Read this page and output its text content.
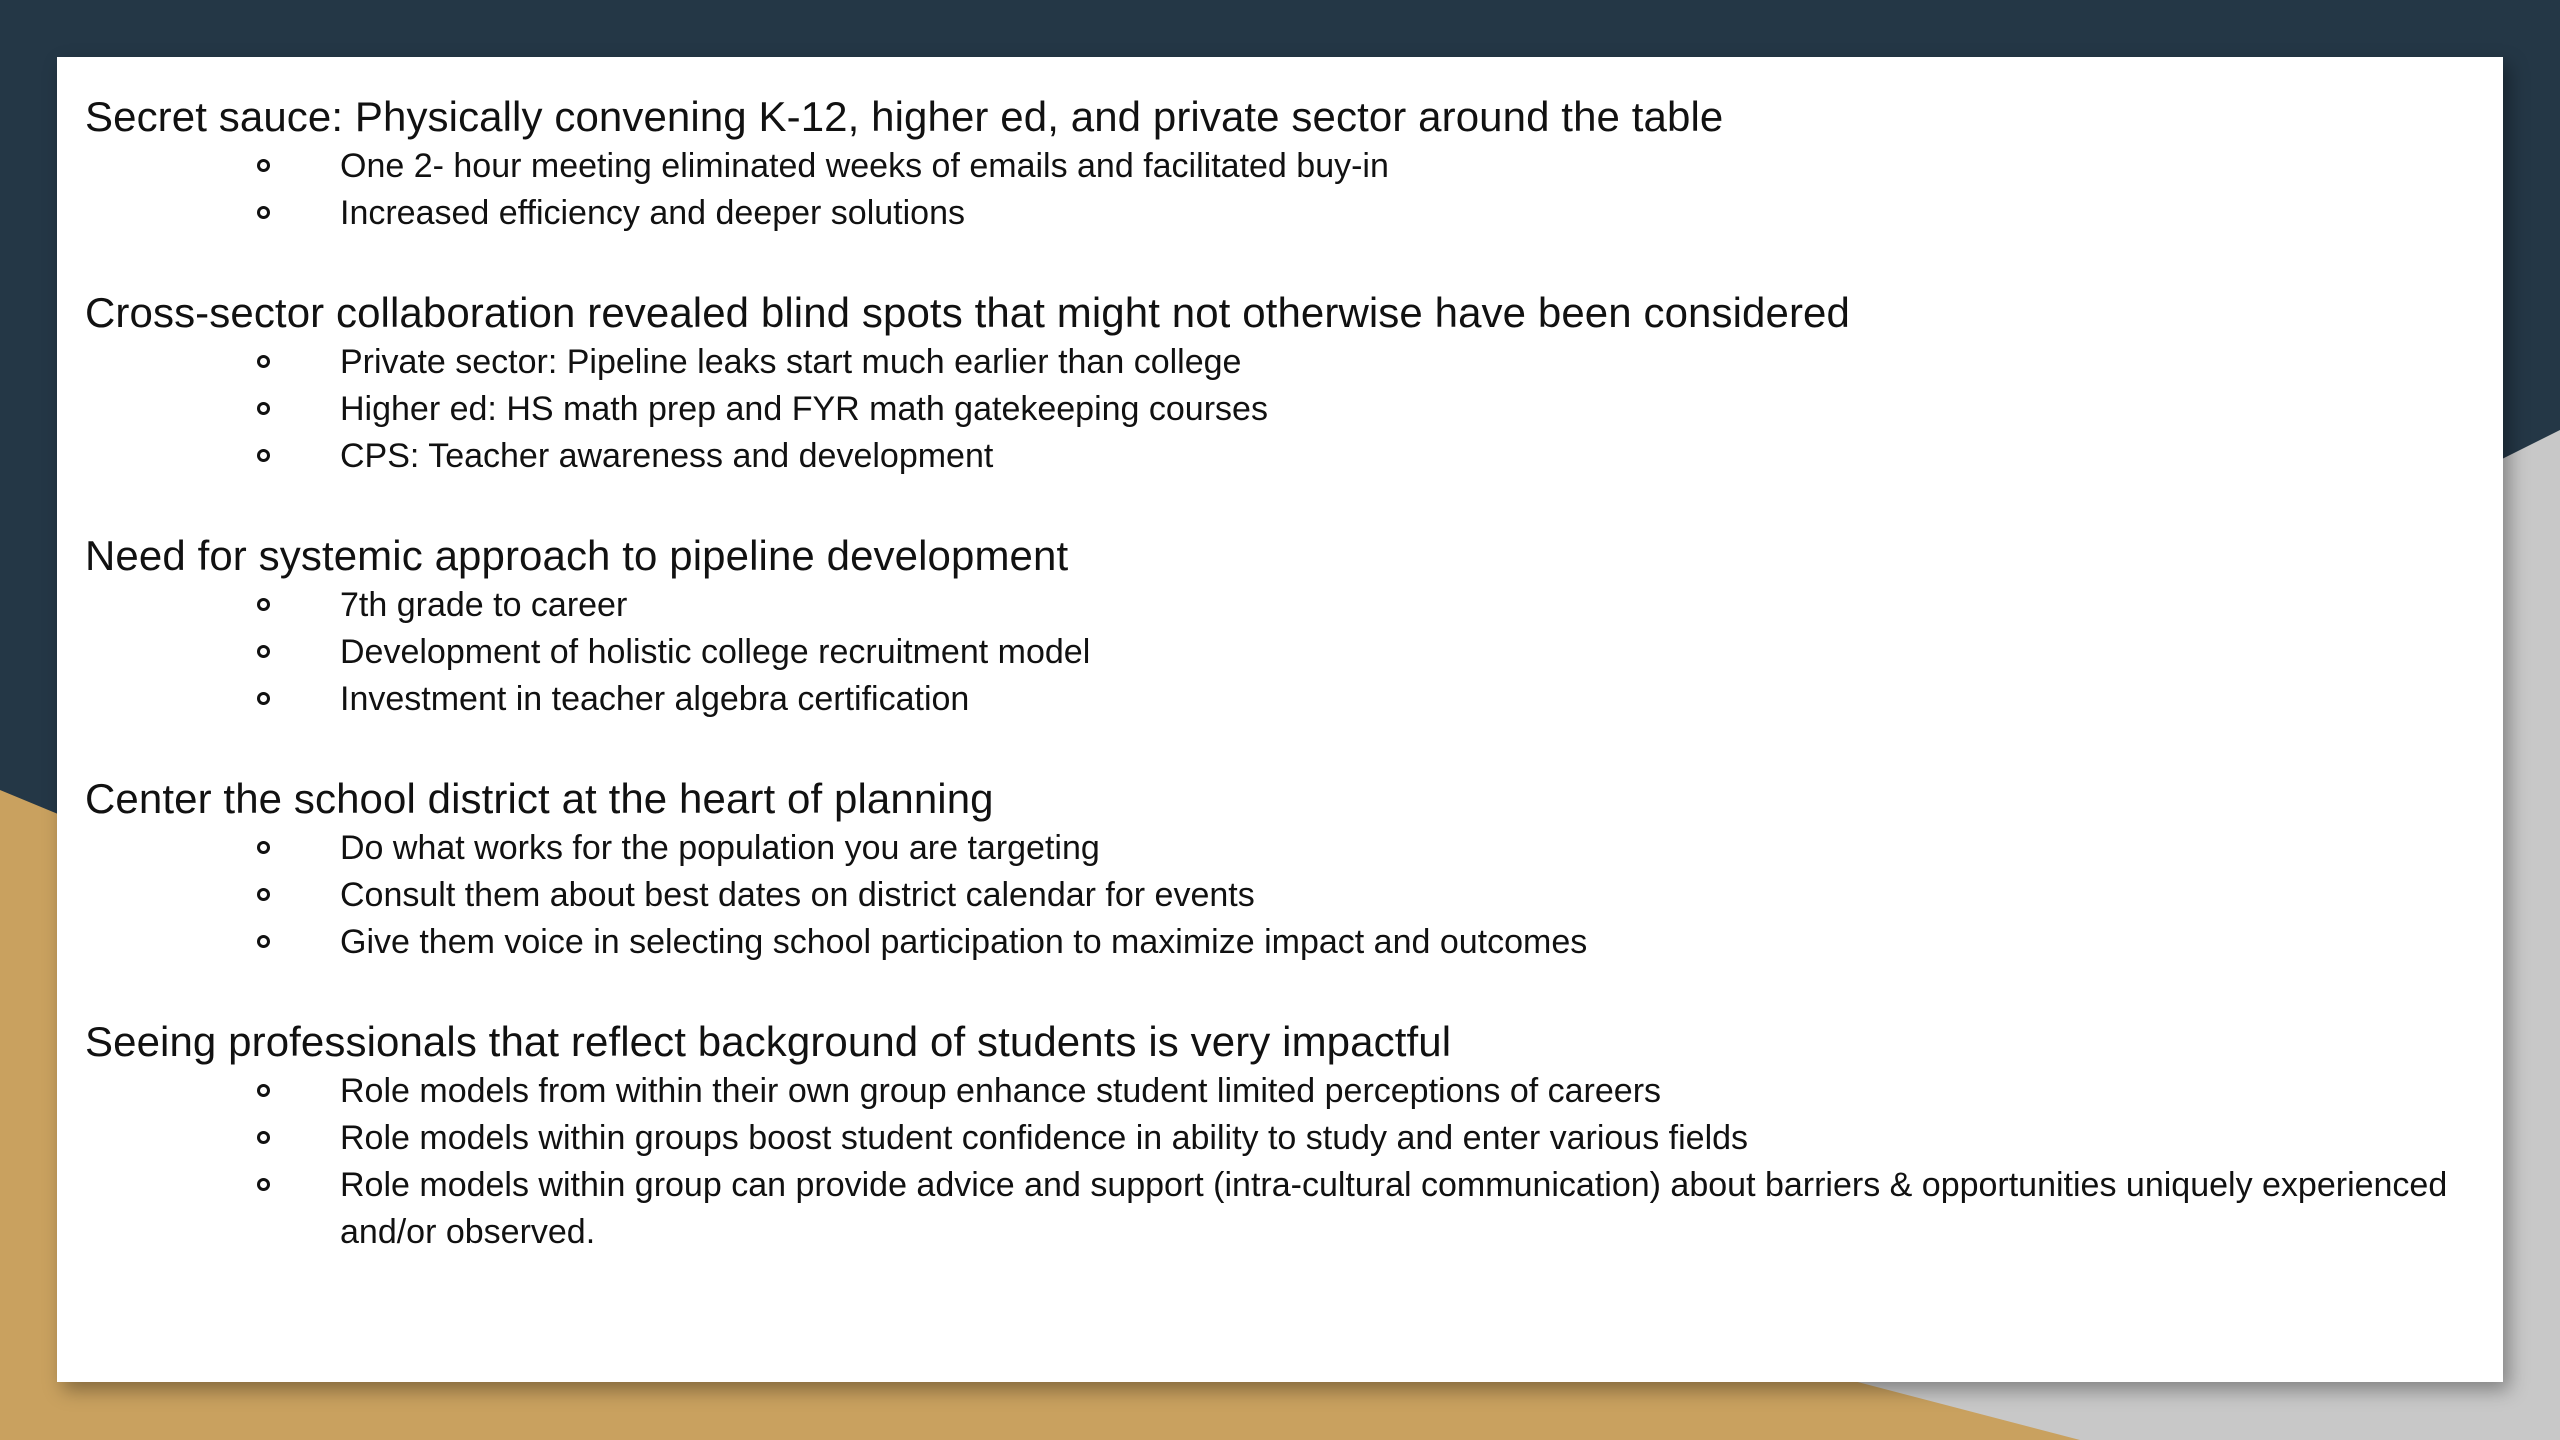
Secret sauce: Physically convening K-12, higher ed, and private sector around the table
One 2- hour meeting eliminated weeks of emails and facilitated buy-in
Increased efficiency and deeper solutions
Cross-sector collaboration revealed blind spots that might not otherwise have been considered
Private sector: Pipeline leaks start much earlier than college
Higher ed: HS math prep and FYR math gatekeeping courses
CPS: Teacher awareness and development
Need for systemic approach to pipeline development
7th grade to career
Development of holistic college recruitment model
Investment in teacher algebra certification
Center the school district at the heart of planning
Do what works for the population you are targeting
Consult them about best dates on district calendar for events
Give them voice in selecting school participation to maximize impact and outcomes
Seeing professionals that reflect background of students is very impactful
Role models from within their own group enhance student limited perceptions of careers
Role models within groups boost student confidence in ability to study and enter various fields
Role models within group can provide advice and support (intra-cultural communication) about barriers & opportunities uniquely experienced and/or observed.
